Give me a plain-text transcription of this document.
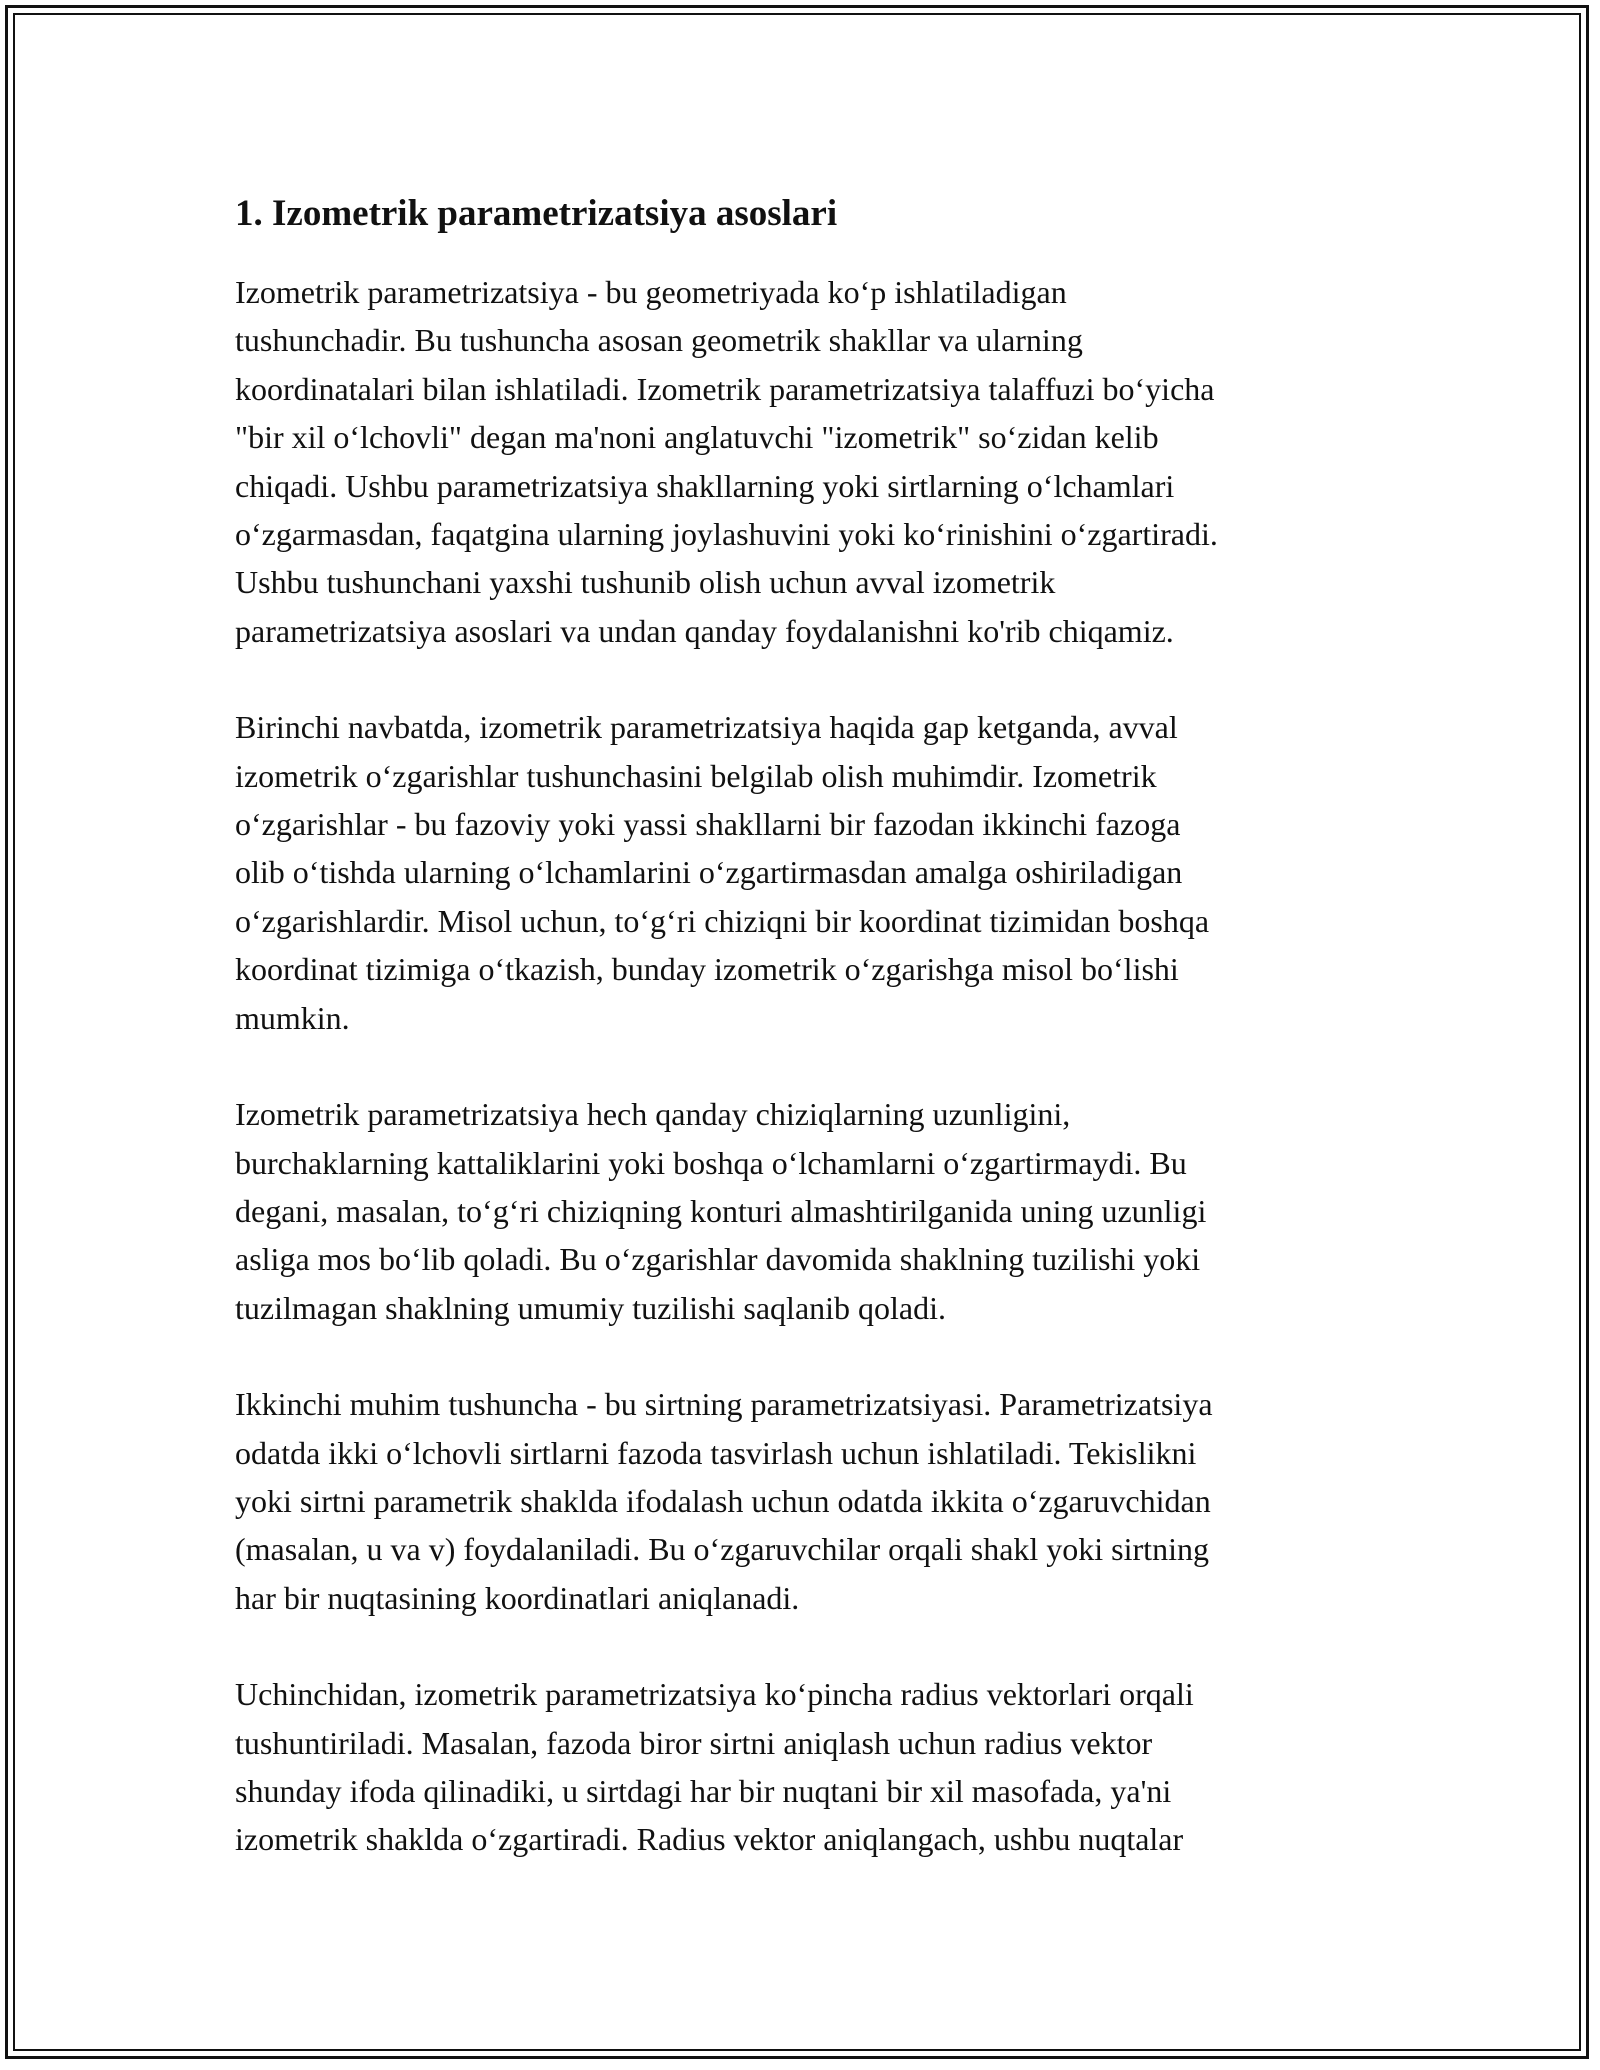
1. Izometrik parametrizatsiya asoslari

Izometrik parametrizatsiya - bu geometriyada ko‘p ishlatiladigan
tushunchadir. Bu tushuncha asosan geometrik shakllar va ularning
koordinatalari bilan ishlatiladi. Izometrik parametrizatsiya talaffuzi bo‘yicha
"bir xil o‘lchovli" degan ma'noni anglatuvchi "izometrik" so‘zidan kelib
chiqadi. Ushbu parametrizatsiya shakllarning yoki sirtlarning o‘lchamlari
o‘zgarmasdan, faqatgina ularning joylashuvini yoki ko‘rinishini o‘zgartiradi.
Ushbu tushunchani yaxshi tushunib olish uchun avval izometrik
parametrizatsiya asoslari va undan qanday foydalanishni ko'rib chiqamiz.

Birinchi navbatda, izometrik parametrizatsiya haqida gap ketganda, avval
izometrik o‘zgarishlar tushunchasini belgilab olish muhimdir. Izometrik
o‘zgarishlar - bu fazoviy yoki yassi shakllarni bir fazodan ikkinchi fazoga
olib o‘tishda ularning o‘lchamlarini o‘zgartirmasdan amalga oshiriladigan
o‘zgarishlardir. Misol uchun, to‘g‘ri chiziqni bir koordinat tizimidan boshqa
koordinat tizimiga o‘tkazish, bunday izometrik o‘zgarishga misol bo‘lishi
mumkin.

Izometrik parametrizatsiya hech qanday chiziqlarning uzunligini,
burchaklarning kattaliklarini yoki boshqa o‘lchamlarni o‘zgartirmaydi. Bu
degani, masalan, to‘g‘ri chiziqning konturi almashtirilganida uning uzunligi
asliga mos bo‘lib qoladi. Bu o‘zgarishlar davomida shaklning tuzilishi yoki
tuzilmagan shaklning umumiy tuzilishi saqlanib qoladi.

Ikkinchi muhim tushuncha - bu sirtning parametrizatsiyasi. Parametrizatsiya
odatda ikki o‘lchovli sirtlarni fazoda tasvirlash uchun ishlatiladi. Tekislikni
yoki sirtni parametrik shaklda ifodalash uchun odatda ikkita o‘zgaruvchidan
(masalan, u va v) foydalaniladi. Bu o‘zgaruvchilar orqali shakl yoki sirtning
har bir nuqtasining koordinatlari aniqlanadi.

Uchinchidan, izometrik parametrizatsiya ko‘pincha radius vektorlari orqali
tushuntiriladi. Masalan, fazoda biror sirtni aniqlash uchun radius vektor
shunday ifoda qilinadiki, u sirtdagi har bir nuqtani bir xil masofada, ya'ni
izometrik shaklda o‘zgartiradi. Radius vektor aniqlangach, ushbu nuqtalar
